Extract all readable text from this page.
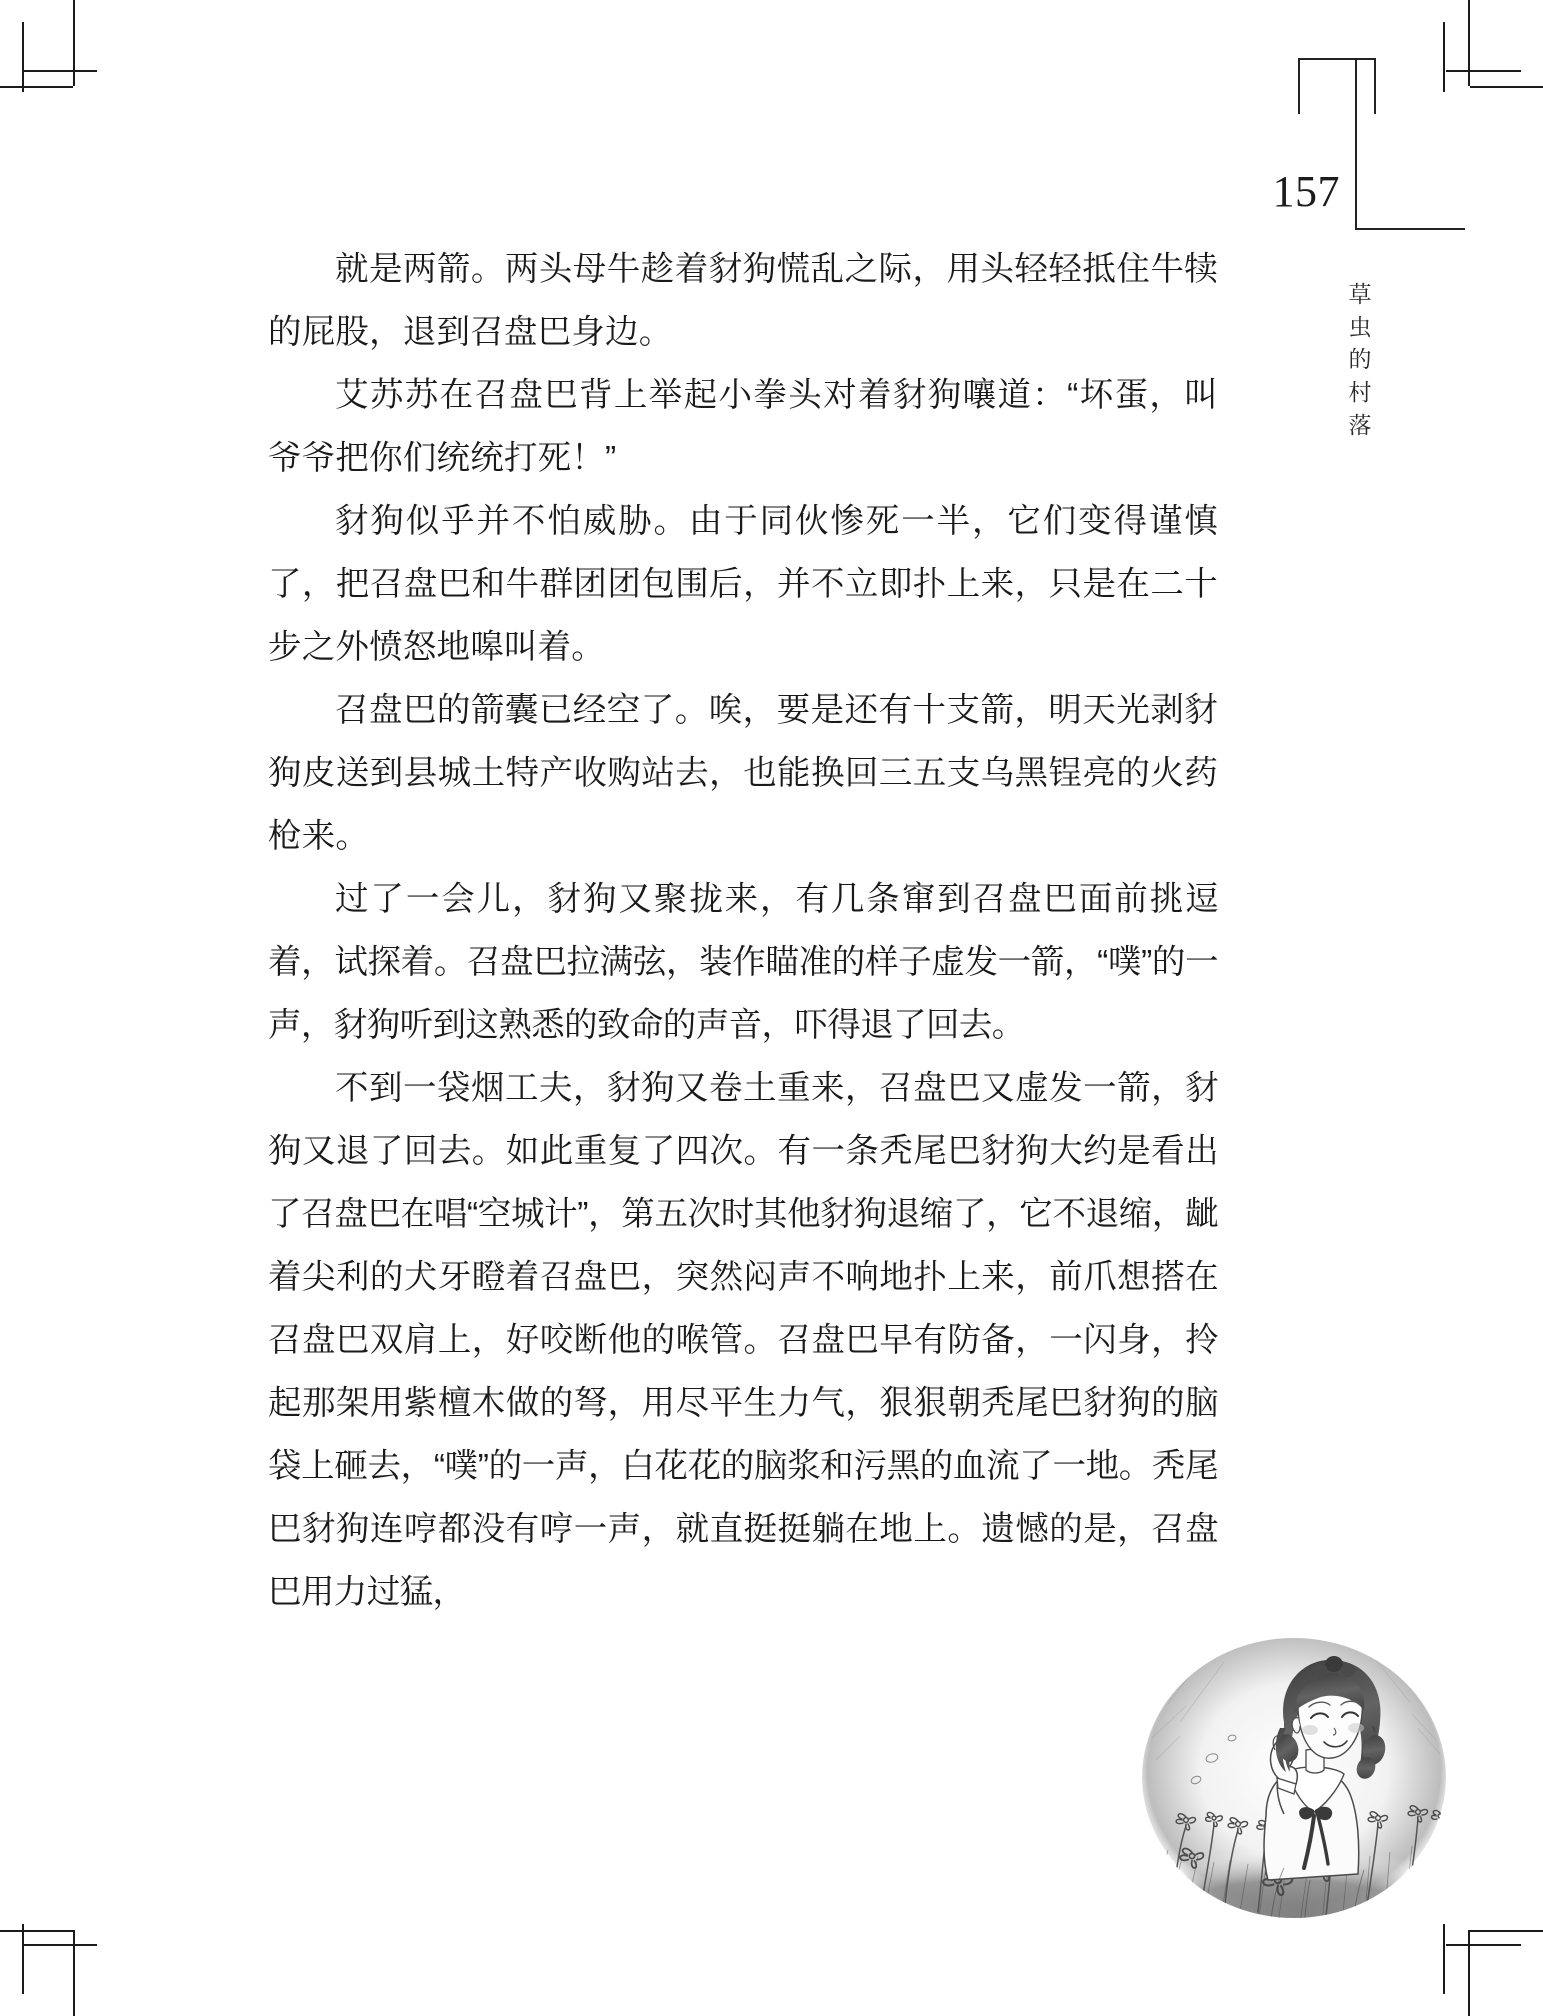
157
草
虫
的
村
落

就是两箭。两头母牛趁着豺狗慌乱之际，用头轻轻抵住牛犊的屁股，退到召盘巴身边。

艾苏苏在召盘巴背上举起小拳头对着豺狗嚷道：“坏蛋，叫爷爷把你们统统打死！”

豺狗似乎并不怕威胁。由于同伙惨死一半，它们变得谨慎了，把召盘巴和牛群团团包围后，并不立即扑上来，只是在二十步之外愤怒地嗥叫着。

召盘巴的箭囊已经空了。唉，要是还有十支箭，明天光剥豺狗皮送到县城土特产收购站去，也能换回三五支乌黑锃亮的火药枪来。

过了一会儿，豺狗又聚拢来，有几条窜到召盘巴面前挑逗着，试探着。召盘巴拉满弦，装作瞄准的样子虚发一箭，“噗”的一声，豺狗听到这熟悉的致命的声音，吓得退了回去。

不到一袋烟工夫，豺狗又卷土重来，召盘巴又虚发一箭，豺狗又退了回去。如此重复了四次。有一条秃尾巴豺狗大约是看出了召盘巴在唱“空城计”，第五次时其他豺狗退缩了，它不退缩，龇着尖利的犬牙瞪着召盘巴，突然闷声不响地扑上来，前爪想搭在召盘巴双肩上，好咬断他的喉管。召盘巴早有防备，一闪身，拎起那架用紫檀木做的弩，用尽平生力气，狠狠朝秃尾巴豺狗的脑袋上砸去，“噗”的一声，白花花的脑浆和污黑的血流了一地。秃尾巴豺狗连哼都没有哼一声，就直挺挺躺在地上。遗憾的是，召盘巴用力过猛，
